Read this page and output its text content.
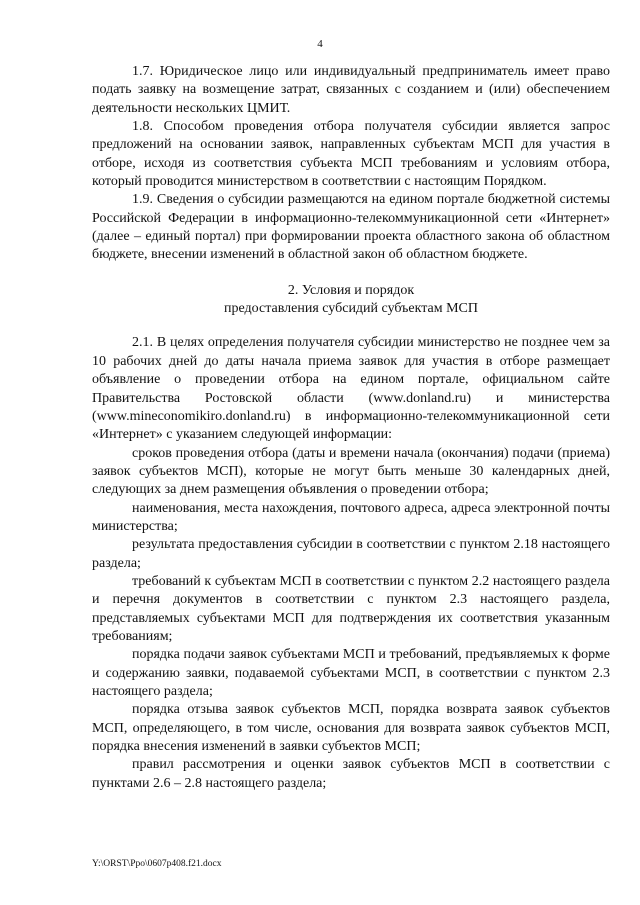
4

1.7. Юридическое лицо или индивидуальный предприниматель имеет право подать заявку на возмещение затрат, связанных с созданием и (или) обеспечением деятельности нескольких ЦМИТ.

1.8. Способом проведения отбора получателя субсидии является запрос предложений на основании заявок, направленных субъектам МСП для участия в отборе, исходя из соответствия субъекта МСП требованиям и условиям отбора, который проводится министерством в соответствии с настоящим Порядком.

1.9. Сведения о субсидии размещаются на едином портале бюджетной системы Российской Федерации в информационно-телекоммуникационной сети «Интернет» (далее – единый портал) при формировании проекта областного закона об областном бюджете, внесении изменений в областной закон об областном бюджете.

2. Условия и порядок

предоставления субсидий субъектам МСП

2.1. В целях определения получателя субсидии министерство не позднее чем за 10 рабочих дней до даты начала приема заявок для участия в отборе размещает объявление о проведении отбора на едином портале, официальном сайте Правительства Ростовской области (www.donland.ru) и министерства (www.mineconomikiro.donland.ru) в информационно-телекоммуникационной сети «Интернет» с указанием следующей информации:

сроков проведения отбора (даты и времени начала (окончания) подачи (приема) заявок субъектов МСП), которые не могут быть меньше 30 календарных дней, следующих за днем размещения объявления о проведении отбора;

наименования, места нахождения, почтового адреса, адреса электронной почты министерства;

результата предоставления субсидии в соответствии с пунктом 2.18 настоящего раздела;

требований к субъектам МСП в соответствии с пунктом 2.2 настоящего раздела и перечня документов в соответствии с пунктом 2.3 настоящего раздела, представляемых субъектами МСП для подтверждения их соответствия указанным требованиям;

порядка подачи заявок субъектами МСП и требований, предъявляемых к форме и содержанию заявки, подаваемой субъектами МСП, в соответствии с пунктом 2.3 настоящего раздела;

порядка отзыва заявок субъектов МСП, порядка возврата заявок субъектов МСП, определяющего, в том числе, основания для возврата заявок субъектов МСП, порядка внесения изменений в заявки субъектов МСП;

правил рассмотрения и оценки заявок субъектов МСП в соответствии с пунктами 2.6 – 2.8 настоящего раздела;

Y:\ORST\Ppo\0607p408.f21.docx
